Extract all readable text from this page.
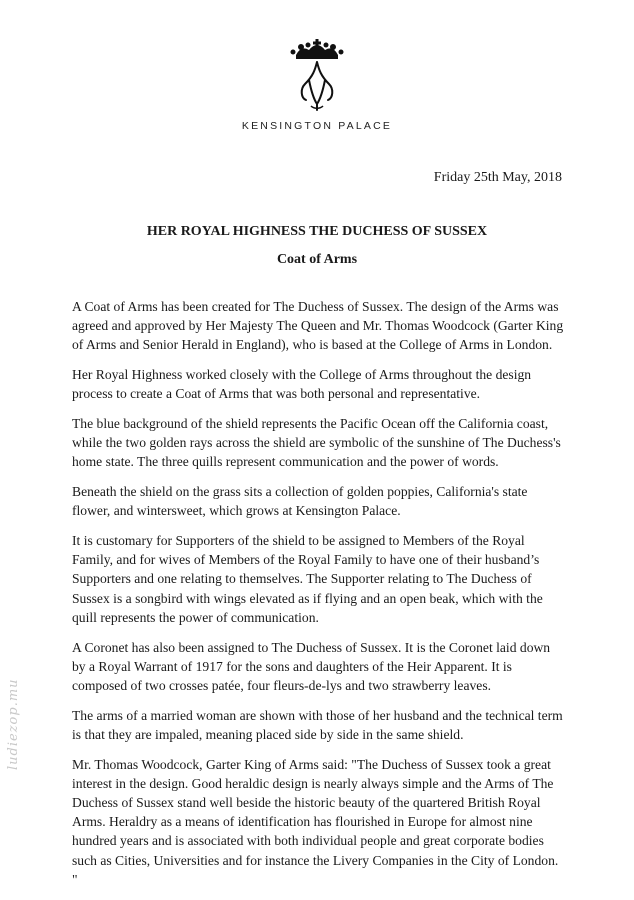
KENSINGTON PALACE
Friday 25th May, 2018
HER ROYAL HIGHNESS THE DUCHESS OF SUSSEX
Coat of Arms

A Coat of Arms has been created for The Duchess of Sussex. The design of the Arms was agreed and approved by Her Majesty The Queen and Mr. Thomas Woodcock (Garter King of Arms and Senior Herald in England), who is based at the College of Arms in London.

Her Royal Highness worked closely with the College of Arms throughout the design process to create a Coat of Arms that was both personal and representative.

The blue background of the shield represents the Pacific Ocean off the California coast, while the two golden rays across the shield are symbolic of the sunshine of The Duchess's home state. The three quills represent communication and the power of words.

Beneath the shield on the grass sits a collection of golden poppies, California's state flower, and wintersweet, which grows at Kensington Palace.

It is customary for Supporters of the shield to be assigned to Members of the Royal Family, and for wives of Members of the Royal Family to have one of their husband’s Supporters and one relating to themselves. The Supporter relating to The Duchess of Sussex is a songbird with wings elevated as if flying and an open beak, which with the quill represents the power of communication.

A Coronet has also been assigned to The Duchess of Sussex. It is the Coronet laid down by a Royal Warrant of 1917 for the sons and daughters of the Heir Apparent. It is composed of two crosses patée, four fleurs-de-lys and two strawberry leaves.

The arms of a married woman are shown with those of her husband and the technical term is that they are impaled, meaning placed side by side in the same shield.

Mr. Thomas Woodcock, Garter King of Arms said: "The Duchess of Sussex took a great interest in the design. Good heraldic design is nearly always simple and the Arms of The Duchess of Sussex stand well beside the historic beauty of the quartered British Royal Arms. Heraldry as a means of identification has flourished in Europe for almost nine hundred years and is associated with both individual people and great corporate bodies such as Cities, Universities and for instance the Livery Companies in the City of London. "

ludiezop.mu
